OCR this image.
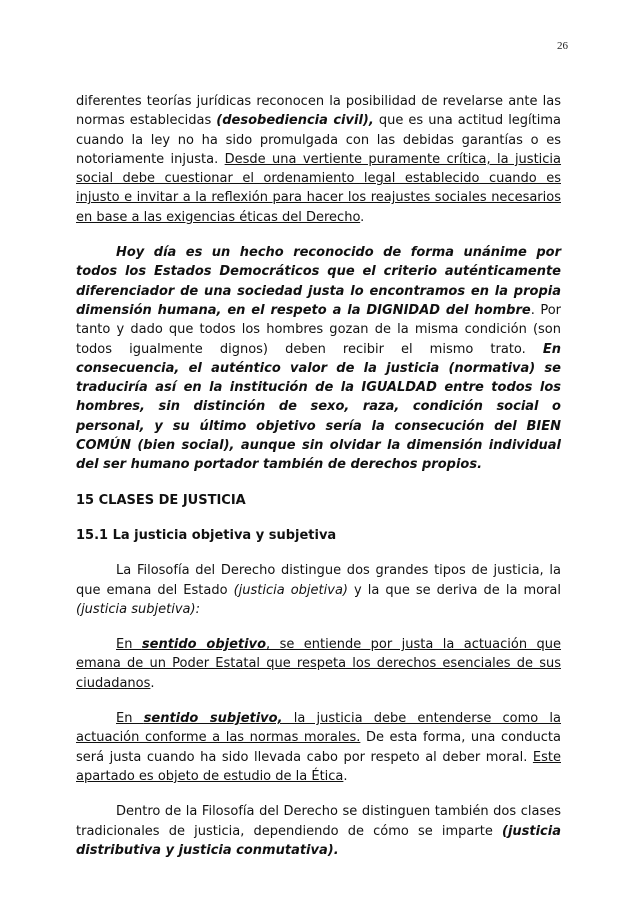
26

diferentes teorías jurídicas reconocen la posibilidad de revelarse ante las normas establecidas (desobediencia civil), que es una actitud legítima cuando la ley no ha sido promulgada con las debidas garantías o es notoriamente injusta. Desde una vertiente puramente crítica, la justicia social debe cuestionar el ordenamiento legal establecido cuando es injusto e invitar a la reflexión para hacer los reajustes sociales necesarios en base a las exigencias éticas del Derecho.

Hoy día es un hecho reconocido de forma unánime por todos los Estados Democráticos que el criterio auténticamente diferenciador de una sociedad justa lo encontramos en la propia dimensión humana, en el respeto a la DIGNIDAD del hombre. Por tanto y dado que todos los hombres gozan de la misma condición (son todos igualmente dignos) deben recibir el mismo trato. En consecuencia, el auténtico valor de la justicia (normativa) se traduciría así en la institución de la IGUALDAD entre todos los hombres, sin distinción de sexo, raza, condición social o personal, y su último objetivo sería la consecución del BIEN COMÚN (bien social), aunque sin olvidar la dimensión individual del ser humano portador también de derechos propios.

15 CLASES DE JUSTICIA
15.1 La justicia objetiva y subjetiva

La Filosofía del Derecho distingue dos grandes tipos de justicia, la que emana del Estado (justicia objetiva) y la que se deriva de la moral (justicia subjetiva):

En sentido objetivo, se entiende por justa la actuación que emana de un Poder Estatal que respeta los derechos esenciales de sus ciudadanos.

En sentido subjetivo, la justicia debe entenderse como la actuación conforme a las normas morales. De esta forma, una conducta será justa cuando ha sido llevada cabo por respeto al deber moral. Este apartado es objeto de estudio de la Ética.

Dentro de la Filosofía del Derecho se distinguen también dos clases tradicionales de justicia, dependiendo de cómo se imparte (justicia distributiva y justicia conmutativa).
